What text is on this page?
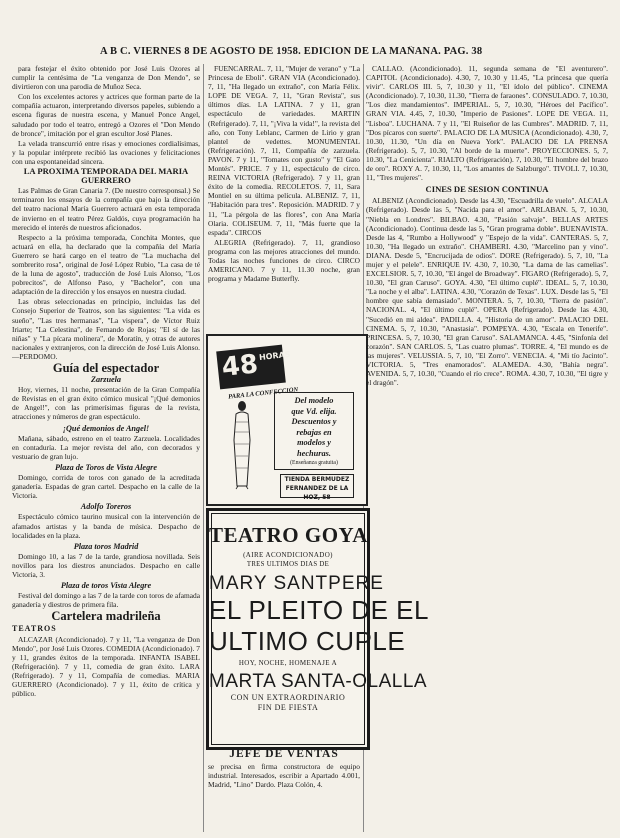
A B C. VIERNES 8 DE AGOSTO DE 1958. EDICION DE LA MAÑANA. PAG. 38

para festejar el éxito obtenido por José Luis Ozores al cumplir la centésima de "La venganza de Don Mendo", se divirtieron con una parodia de Muñoz Seca.

Con los excelentes actores y actrices que forman parte de la compañía actuaron, interpretando diversos papeles, subiendo a escena figuras de nuestra escena, y Manuel Ponce Angel, saludado por todo el teatro, entregó a Ozores el "Don Mendo de bronce", imitación por el gran escultor José Planes.

La velada transcurrió entre risas y emociones cordialísimas, y la popular intérprete recibió las ovaciones y felicitaciones con una espontaneidad sincera.

LA PROXIMA TEMPORADA DEL MARIA GUERRERO

Las Palmas de Gran Canaria 7. (De nuestro corresponsal.) Se terminaron los ensayos de la compañía que bajo la dirección del teatro nacional María Guerrero actuará en esta temporada de invierno en el teatro Pérez Galdós, cuya programación ha merecido el interés de nuestros aficionados.

Respecto a la próxima temporada, Conchita Montes, que actuará en ella, ha declarado que la compañía del María Guerrero se hará cargo en el teatro de "La muchacha del sombrerito rosa", original de José López Rubio, "La casa de té de la luna de agosto", traducción de José Luis Alonso, "Los pobrecitos", de Alfonso Paso, y "Bachelor", con una adaptación de la dirección y los ensayos en nuestra ciudad.

Las obras seleccionadas en principio, incluidas las del Consejo Superior de Teatros, son las siguientes: "La vida es sueño", "Las tres hermanas", "La vispera", de Víctor Ruiz Iriarte; "La Celestina", de Fernando de Rojas; "El sí de las niñas" y "La pícara molinera", de Moratín, y otras de autores nacionales y extranjeros, con la dirección de José Luis Alonso.—PERDOMO.

Guía del espectador
Zarzuela

Hoy, viernes, 11 noche, presentación de la Gran Compañía de Revistas en el gran éxito cómico musical "¡Qué demonios de Angel!", con las primerísimas figuras de la revista, atracciones y números de gran espectáculo.

¡Qué demonios de Angel!

Mañana, sábado, estreno en el teatro Zarzuela. Localidades en contaduría. La mejor revista del año, con decorados y vestuario de gran lujo.

Plaza de Toros de Vista Alegre

Domingo, corrida de toros con ganado de la acreditada ganadería. Espadas de gran cartel. Despacho en la calle de la Victoria.

Adolfo Toreros

Espectáculo cómico taurino musical con la intervención de afamados artistas y la banda de música. Despacho de localidades en la plaza.

Plaza toros Madrid

Domingo 10, a las 7 de la tarde, grandiosa novillada. Seis novillos para los diestros anunciados. Despacho en calle Victoria, 3.

Plaza de toros Vista Alegre

Festival del domingo a las 7 de la tarde con toros de afamada ganadería y diestros de primera fila.

Cartelera madrileña
TEATROS

ALCAZAR (Acondicionado). 7 y 11, "La venganza de Don Mendo", por José Luis Ozores. COMEDIA (Acondicionado). 7 y 11, grandes éxitos de la temporada. INFANTA ISABEL (Refrigeración). 7 y 11, comedia de gran éxito. LARA (Refrigerado). 7 y 11, Compañía de comedias. MARIA GUERRERO (Acondicionado). 7 y 11, éxito de crítica y público.

FUENCARRAL. 7, 11, "Mujer de verano" y "La Princesa de Eboli". GRAN VIA (Acondicionado). 7, 11, "Ha llegado un extraño", con María Félix. LOPE DE VEGA. 7, 11, "Gran Revista", sus últimos días. LA LATINA. 7 y 11, gran espectáculo de variedades. MARTIN (Refrigerado). 7, 11, "¡Viva la vida!", la revista del año, con Tony Leblanc, Carmen de Lirio y gran plantel de vedettes. MONUMENTAL (Refrigeración). 7, 11, Compañía de zarzuela. PAVON. 7 y 11, "Tomates con gusto" y "El Gato Montés". PRICE. 7 y 11, espectáculo de circo. REINA VICTORIA (Refrigerado). 7 y 11, gran éxito de la comedia. RECOLETOS. 7, 11, Sara Montiel en su última película. ALBENIZ. 7, 11, "Habitación para tres". Reposición. MADRID. 7 y 11, "La pérgola de las flores", con Ana María Olaria. COLISEUM. 7, 11, "Más fuerte que la espada". CIRCOS

ALEGRIA (Refrigerado). 7, 11, grandioso programa con las mejores atracciones del mundo. Todas las noches funciones de circo. CIRCO AMERICANO. 7 y 11, 11.30 noche, gran programa y Madame Butterfly.

48 HORAS
PARA LA CONFECCION
Del modelo
que Vd. elija.
Descuentos y
rebajas en
modelos y
hechuras.
(Enseñanza gratuita)
TIENDA BERMUDEZ
FERNANDEZ DE LA HOZ, 58
TEATRO GOYA
(AIRE ACONDICIONADO)
TRES ULTIMOS DIAS DE
MARY SANTPERE
EL PLEITO DE EL
ULTIMO CUPLE
HOY, NOCHE, HOMENAJE A
MARTA SANTA-OLALLA
CON UN EXTRAORDINARIO
FIN DE FIESTA
JEFE DE VENTAS

se precisa en firma constructora de equipo industrial. Interesados, escribir a Apartado 4.001, Madrid, "Lino" Dardo. Plaza Colón, 4.

CALLAO. (Acondicionado). 11, segunda semana de "El aventurero". CAPITOL (Acondicionado). 4.30, 7, 10.30 y 11.45, "La princesa que quería vivir". CARLOS III. 5, 7, 10.30 y 11, "El ídolo del público". CINEMA (Acondicionado). 7, 10.30, 11.30, "Tierra de faraones". CONSULADO. 7, 10.30, "Los diez mandamientos". IMPERIAL. 5, 7, 10.30, "Héroes del Pacífico". GRAN VIA. 4.45, 7, 10.30, "Imperio de Pasiones". LOPE DE VEGA. 11, "Lisboa". LUCHANA. 7 y 11, "El Ruiseñor de las Cumbres". MADRID. 7, 11, "Dos pícaros con suerte". PALACIO DE LA MUSICA (Acondicionado). 4.30, 7, 10.30, 11.30, "Un día en Nueva York". PALACIO DE LA PRENSA (Refrigerado). 5, 7, 10.30, "Al borde de la muerte". PROYECCIONES. 5, 7, 10.30, "La Cenicienta". RIALTO (Refrigeración). 7, 10.30, "El hombre del brazo de oro". ROXY A. 7, 10.30, 11, "Los amantes de Salzburgo". TIVOLI. 7, 10.30, 11, "Tres mujeres".

CINES DE SESION CONTINUA

ALBENIZ (Acondicionado). Desde las 4.30, "Escuadrilla de vuelo". ALCALA (Refrigerado). Desde las 5, "Nacida para el amor". ARLABAN. 5, 7, 10.30, "Niebla en Londres". BILBAO. 4.30, "Pasión salvaje". BELLAS ARTES (Acondicionado). Continua desde las 5, "Gran programa doble". BUENAVISTA. Desde las 4, "Rumbo a Hollywood" y "Espejo de la vida". CANTERAS. 5, 7, 10.30, "Ha llegado un extraño". CHAMBERI. 4.30, "Marcelino pan y vino". DIANA. Desde 5, "Encrucijada de odios". DORE (Refrigerado). 5, 7, 10, "La mujer y el pelele". ENRIQUE IV. 4.30, 7, 10.30, "La dama de las camelias". EXCELSIOR. 5, 7, 10.30, "El ángel de Broadway". FIGARO (Refrigerado). 5, 7, 10.30, "El gran Caruso". GOYA. 4.30, "El último cuplé". IDEAL. 5, 7, 10.30, "La noche y el alba". LATINA. 4.30, "Corazón de Texas". LUX. Desde las 5, "El hombre que sabía demasiado". MONTERA. 5, 7, 10.30, "Tierra de pasión". NACIONAL. 4, "El último cuplé". OPERA (Refrigerado). Desde las 4.30, "Sucedió en mi aldea". PADILLA. 4, "Historia de un amor". PALACIO DEL CINEMA. 5, 7, 10.30, "Anastasia". POMPEYA. 4.30, "Escala en Tenerife". PRINCESA. 5, 7, 10.30, "El gran Caruso". SALAMANCA. 4.45, "Sinfonía del corazón". SAN CARLOS. 5, "Las cuatro plumas". TORRE. 4, "El mundo es de las mujeres". VELUSSIA. 5, 7, 10, "El Zorro". VENECIA. 4, "Mi tío Jacinto". VICTORIA. 5, "Tres enamorados". ALAMEDA. 4.30, "Bahía negra". AVENIDA. 5, 7, 10.30, "Cuando el río crece". ROMA. 4.30, 7, 10.30, "El tigre y el dragón".
